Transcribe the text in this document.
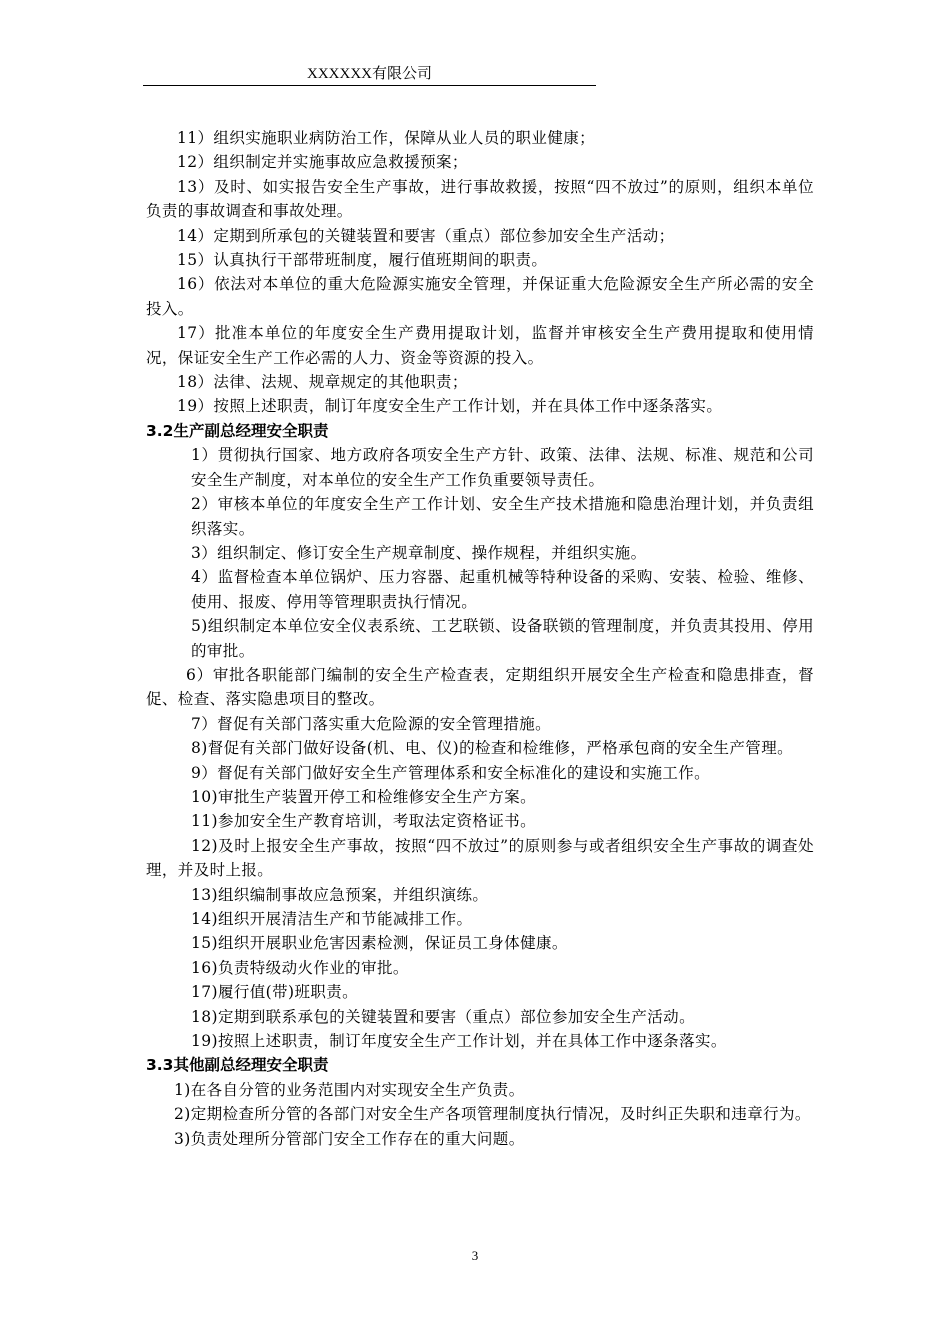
XXXXXX有限公司

11）组织实施职业病防治工作，保障从业人员的职业健康；

12）组织制定并实施事故应急救援预案；

13）及时、如实报告安全生产事故，进行事故救援，按照“四不放过”的原则，组织本单位负责的事故调查和事故处理。

14）定期到所承包的关键装置和要害（重点）部位参加安全生产活动；

15）认真执行干部带班制度，履行值班期间的职责。

16）依法对本单位的重大危险源实施安全管理，并保证重大危险源安全生产所必需的安全投入。

17）批准本单位的年度安全生产费用提取计划，监督并审核安全生产费用提取和使用情况，保证安全生产工作必需的人力、资金等资源的投入。

18）法律、法规、规章规定的其他职责；

19）按照上述职责，制订年度安全生产工作计划，并在具体工作中逐条落实。

3.2生产副总经理安全职责

1）贯彻执行国家、地方政府各项安全生产方针、政策、法律、法规、标准、规范和公司安全生产制度，对本单位的安全生产工作负重要领导责任。

2）审核本单位的年度安全生产工作计划、安全生产技术措施和隐患治理计划，并负责组织落实。

3）组织制定、修订安全生产规章制度、操作规程，并组织实施。

4）监督检查本单位锅炉、压力容器、起重机械等特种设备的采购、安装、检验、维修、使用、报废、停用等管理职责执行情况。

5)组织制定本单位安全仪表系统、工艺联锁、设备联锁的管理制度，并负责其投用、停用的审批。

6）审批各职能部门编制的安全生产检查表，定期组织开展安全生产检查和隐患排查，督促、检查、落实隐患项目的整改。

7）督促有关部门落实重大危险源的安全管理措施。

8)督促有关部门做好设备(机、电、仪)的检查和检维修，严格承包商的安全生产管理。

9）督促有关部门做好安全生产管理体系和安全标准化的建设和实施工作。

10)审批生产装置开停工和检维修安全生产方案。

11)参加安全生产教育培训，考取法定资格证书。

12)及时上报安全生产事故，按照“四不放过”的原则参与或者组织安全生产事故的调查处理，并及时上报。

13)组织编制事故应急预案，并组织演练。

14)组织开展清洁生产和节能减排工作。

15)组织开展职业危害因素检测，保证员工身体健康。

16)负责特级动火作业的审批。

17)履行值(带)班职责。

18)定期到联系承包的关键装置和要害（重点）部位参加安全生产活动。

19)按照上述职责，制订年度安全生产工作计划，并在具体工作中逐条落实。

3.3其他副总经理安全职责

1)在各自分管的业务范围内对实现安全生产负责。

2)定期检查所分管的各部门对安全生产各项管理制度执行情况，及时纠正失职和违章行为。

3)负责处理所分管部门安全工作存在的重大问题。

3
